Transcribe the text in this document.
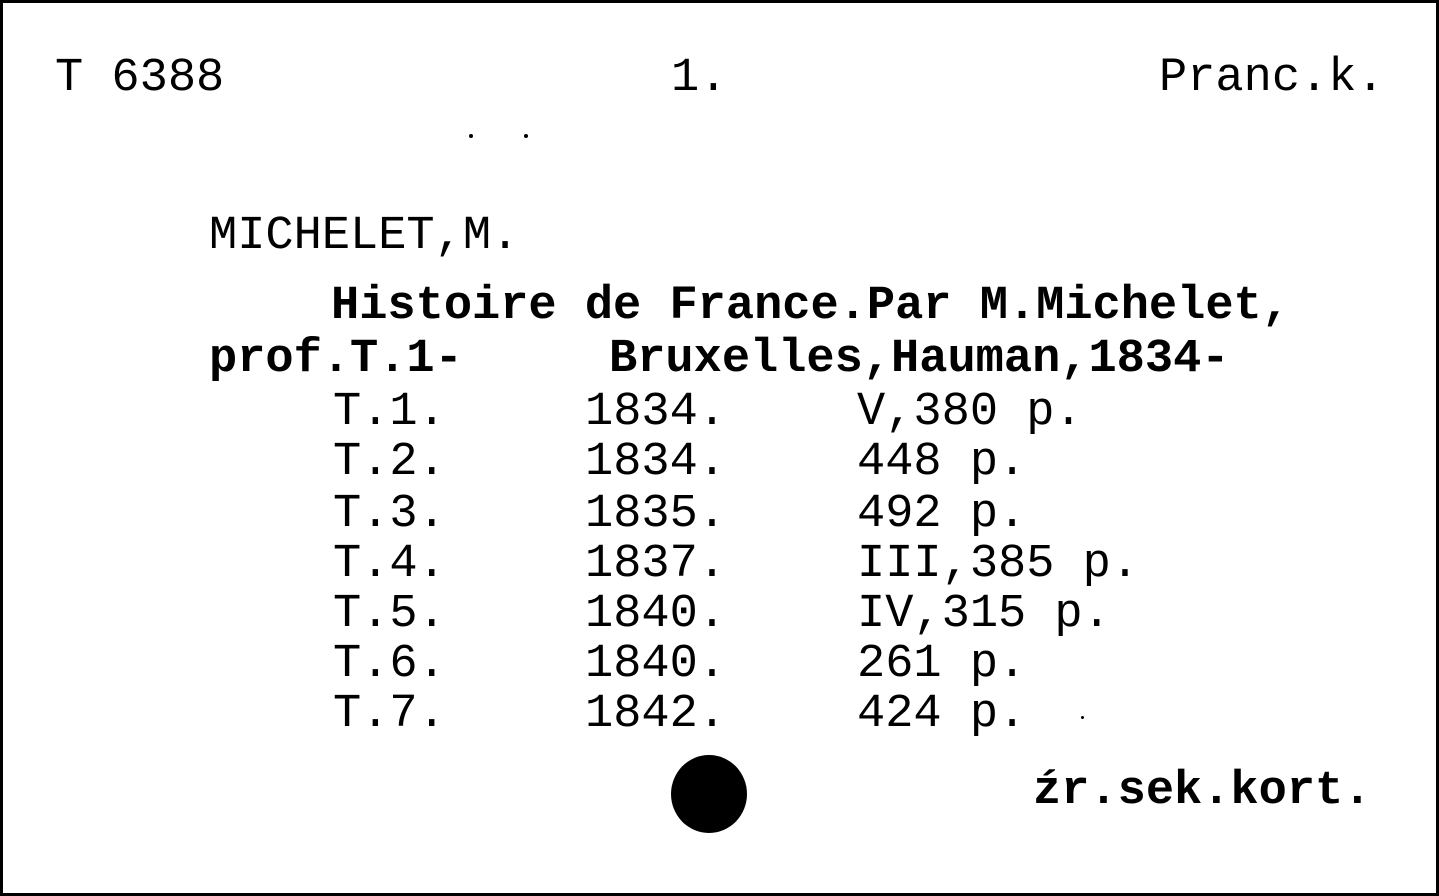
T 6388	1.	Pranc.k.
MICHELET,M.
Histoire de France.Par M.Michelet,
prof.T.1-	Bruxelles,Hauman,1834-
T.1.	1834.	V,380 p.
T.2.	1834.	448 p.
T.3.	1835.	492 p.
T.4.	1837.	III,385 p.
T.5.	1840.	IV,315 p.
T.6.	1840.	261 p.
T.7.	1842.	424 p.
źr.sek.kort.
